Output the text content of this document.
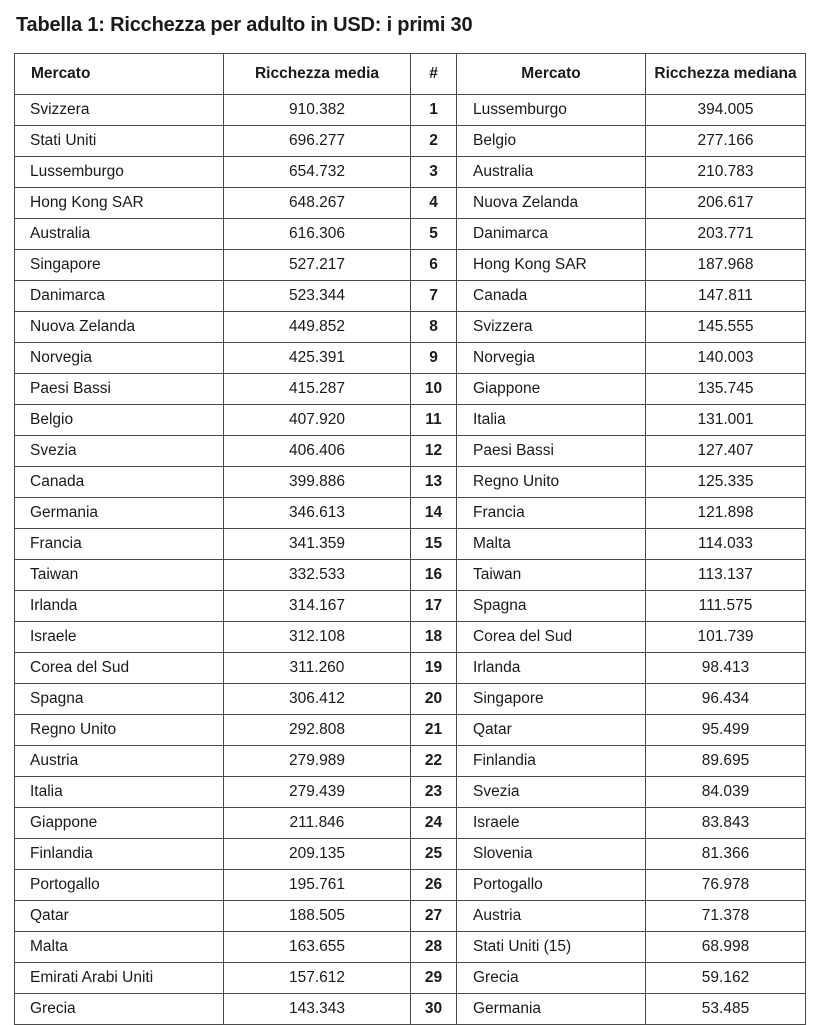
Tabella 1: Ricchezza per adulto in USD: i primi 30
Mercato	Ricchezza media	#	Mercato	Ricchezza mediana
Svizzera	910.382	1	Lussemburgo	394.005
Stati Uniti	696.277	2	Belgio	277.166
Lussemburgo	654.732	3	Australia	210.783
Hong Kong SAR	648.267	4	Nuova Zelanda	206.617
Australia	616.306	5	Danimarca	203.771
Singapore	527.217	6	Hong Kong SAR	187.968
Danimarca	523.344	7	Canada	147.811
Nuova Zelanda	449.852	8	Svizzera	145.555
Norvegia	425.391	9	Norvegia	140.003
Paesi Bassi	415.287	10	Giappone	135.745
Belgio	407.920	11	Italia	131.001
Svezia	406.406	12	Paesi Bassi	127.407
Canada	399.886	13	Regno Unito	125.335
Germania	346.613	14	Francia	121.898
Francia	341.359	15	Malta	114.033
Taiwan	332.533	16	Taiwan	113.137
Irlanda	314.167	17	Spagna	111.575
Israele	312.108	18	Corea del Sud	101.739
Corea del Sud	311.260	19	Irlanda	98.413
Spagna	306.412	20	Singapore	96.434
Regno Unito	292.808	21	Qatar	95.499
Austria	279.989	22	Finlandia	89.695
Italia	279.439	23	Svezia	84.039
Giappone	211.846	24	Israele	83.843
Finlandia	209.135	25	Slovenia	81.366
Portogallo	195.761	26	Portogallo	76.978
Qatar	188.505	27	Austria	71.378
Malta	163.655	28	Stati Uniti (15)	68.998
Emirati Arabi Uniti	157.612	29	Grecia	59.162
Grecia	143.343	30	Germania	53.485
